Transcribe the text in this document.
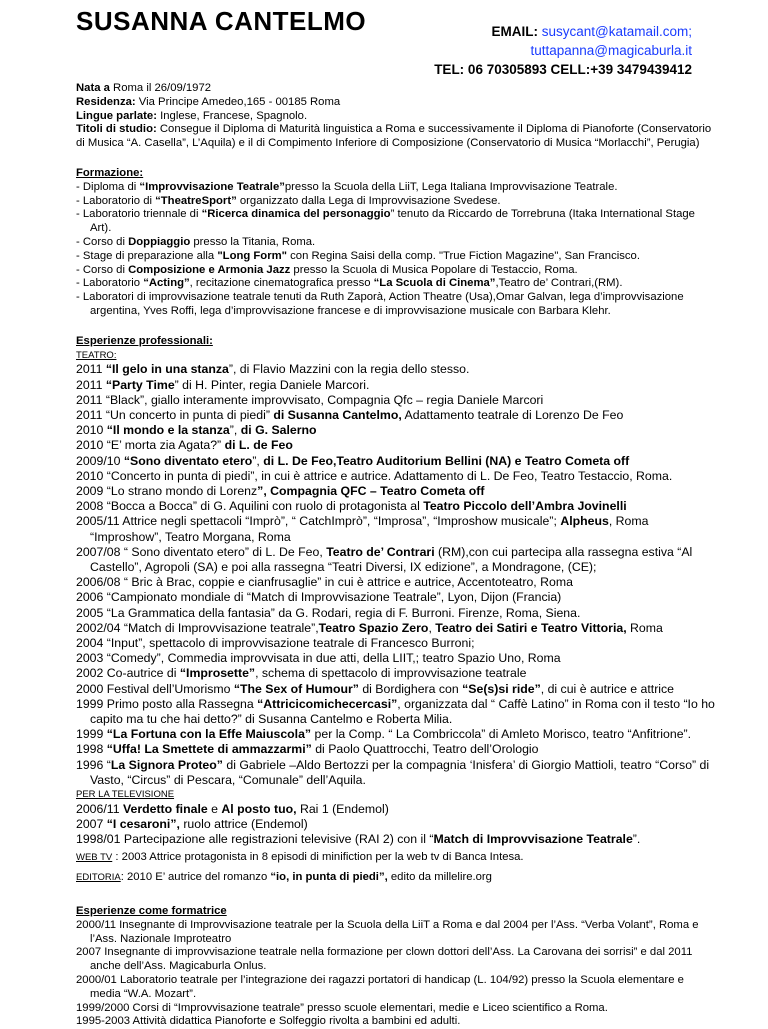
SUSANNA CANTELMO	EMAIL: susycant@katamail.com;
tuttapanna@magicaburla.it
TEL: 06 70305893 CELL:+39 3479439412

Nata a Roma il 26/09/1972

Residenza: Via Principe Amedeo,165 - 00185 Roma

Lingue parlate: Inglese, Francese, Spagnolo.

Titoli di studio: Consegue il Diploma di Maturità linguistica a Roma e successivamente il Diploma di Pianoforte (Conservatorio di Musica “A. Casella”, L’Aquila) e il di Compimento Inferiore di Composizione (Conservatorio di Musica “Morlacchi”, Perugia)

Formazione:
- Diploma di “Improvvisazione Teatrale”presso la Scuola della LiiT, Lega Italiana Improvvisazione Teatrale.
- Laboratorio di “TheatreSport” organizzato dalla Lega di Improvvisazione Svedese.
- Laboratorio triennale di “Ricerca dinamica del personaggio” tenuto da Riccardo de Torrebruna (Itaka International Stage Art).
- Corso di Doppiaggio presso la Titania, Roma.
- Stage di preparazione alla "Long Form" con Regina Saisi della comp. "True Fiction Magazine", San Francisco.
- Corso di Composizione e Armonia Jazz presso la Scuola di Musica Popolare di Testaccio, Roma.
- Laboratorio “Acting”, recitazione cinematografica presso “La Scuola di Cinema”,Teatro de’ Contrari,(RM).
- Laboratori di improvvisazione teatrale tenuti da Ruth Zaporà, Action Theatre (Usa),Omar Galvan, lega d’improvvisazione argentina, Yves Roffi, lega d’improvvisazione francese e di improvvisazione musicale con Barbara Klehr.
Esperienze professionali:
TEATRO:
2011 “Il gelo in una stanza”, di Flavio Mazzini con la regia dello stesso.
2011 “Party Time” di H. Pinter, regia Daniele Marcori.
2011 “Black”, giallo interamente improvvisato, Compagnia Qfc – regia Daniele Marcori
2011 “Un concerto in punta di piedi” di Susanna Cantelmo, Adattamento teatrale di Lorenzo De Feo
2010 “Il mondo e la stanza”, di G. Salerno
2010 “E’ morta zia Agata?” di L. de Feo
2009/10 “Sono diventato etero”, di L. De Feo,Teatro Auditorium Bellini (NA) e Teatro Cometa off
2010 “Concerto in punta di piedi”, in cui è attrice e autrice. Adattamento di L. De Feo, Teatro Testaccio, Roma.
2009 “Lo strano mondo di Lorenz”, Compagnia QFC – Teatro Cometa off
2008 “Bocca a Bocca” di G. Aquilini con ruolo di protagonista al Teatro Piccolo dell’Ambra Jovinelli
2005/11 Attrice negli spettacoli “Imprò”, “ CatchImprò”, “Improsa”, “Improshow musicale”; Alpheus, Roma “Improshow”, Teatro Morgana, Roma
2007/08 “ Sono diventato etero” di L. De Feo, Teatro de’ Contrari (RM),con cui partecipa alla rassegna estiva “Al Castello”, Agropoli (SA) e poi alla rassegna “Teatri Diversi, IX edizione”, a Mondragone, (CE);
2006/08 “ Bric à Brac, coppie e cianfrusaglie” in cui è attrice e autrice, Accentoteatro, Roma
2006 “Campionato mondiale di “Match di Improvvisazione Teatrale”, Lyon, Dijon (Francia)
2005 “La Grammatica della fantasia” da G. Rodari, regia di F. Burroni. Firenze, Roma, Siena.
2002/04 “Match di Improvvisazione teatrale”,Teatro Spazio Zero, Teatro dei Satiri e Teatro Vittoria, Roma
2004 “Input”, spettacolo di improvvisazione teatrale di Francesco Burroni;
2003 “Comedy”, Commedia improvvisata in due atti, della LIIT,; teatro Spazio Uno, Roma
2002 Co-autrice di “Improsette”, schema di spettacolo di improvvisazione teatrale
2000 Festival dell’Umorismo “The Sex of Humour” di Bordighera con “Se(s)si ride”, di cui è autrice e attrice
1999 Primo posto alla Rassegna “Attricicomichecercasi”, organizzata dal “ Caffè Latino” in Roma con il testo “Io ho capito ma tu che hai detto?” di Susanna Cantelmo e Roberta Milia.
1999 “La Fortuna con la Effe Maiuscola” per la Comp. “ La Combriccola” di Amleto Morisco, teatro “Anfitrione”.
1998 “Uffa! La Smettete di ammazzarmi” di Paolo Quattrocchi, Teatro dell’Orologio
1996 “La Signora Proteo” di Gabriele –Aldo Bertozzi per la compagnia ‘Inisfera’ di Giorgio Mattioli, teatro “Corso” di Vasto, “Circus” di Pescara, “Comunale” dell’Aquila.
PER LA TELEVISIONE
2006/11 Verdetto finale e Al posto tuo, Rai 1 (Endemol)
2007 “I cesaroni”, ruolo attrice (Endemol)
1998/01 Partecipazione alle registrazioni televisive (RAI 2) con il “Match di Improvvisazione Teatrale”.
WEB TV : 2003 Attrice protagonista in 8 episodi di minifiction per la web tv di Banca Intesa.
EDITORIA: 2010 E’ autrice del romanzo “io, in punta di piedi”, edito da millelire.org
Esperienze come formatrice
2000/11 Insegnante di Improvvisazione teatrale per la Scuola della LiiT a Roma e dal 2004 per l’Ass. “Verba Volant”, Roma e l’Ass. Nazionale Improteatro
2007 Insegnante di improvvisazione teatrale nella formazione per clown dottori dell’Ass. La Carovana dei sorrisi” e dal 2011 anche dell’Ass. Magicaburla Onlus.
2000/01 Laboratorio teatrale per l’integrazione dei ragazzi portatori di handicap (L. 104/92) presso la Scuola elementare e media “W.A. Mozart”.
1999/2000 Corsi di “Improvvisazione teatrale” presso scuole elementari, medie e Liceo scientifico a Roma.
1995-2003 Attività didattica Pianoforte e Solfeggio rivolta a bambini ed adulti.
